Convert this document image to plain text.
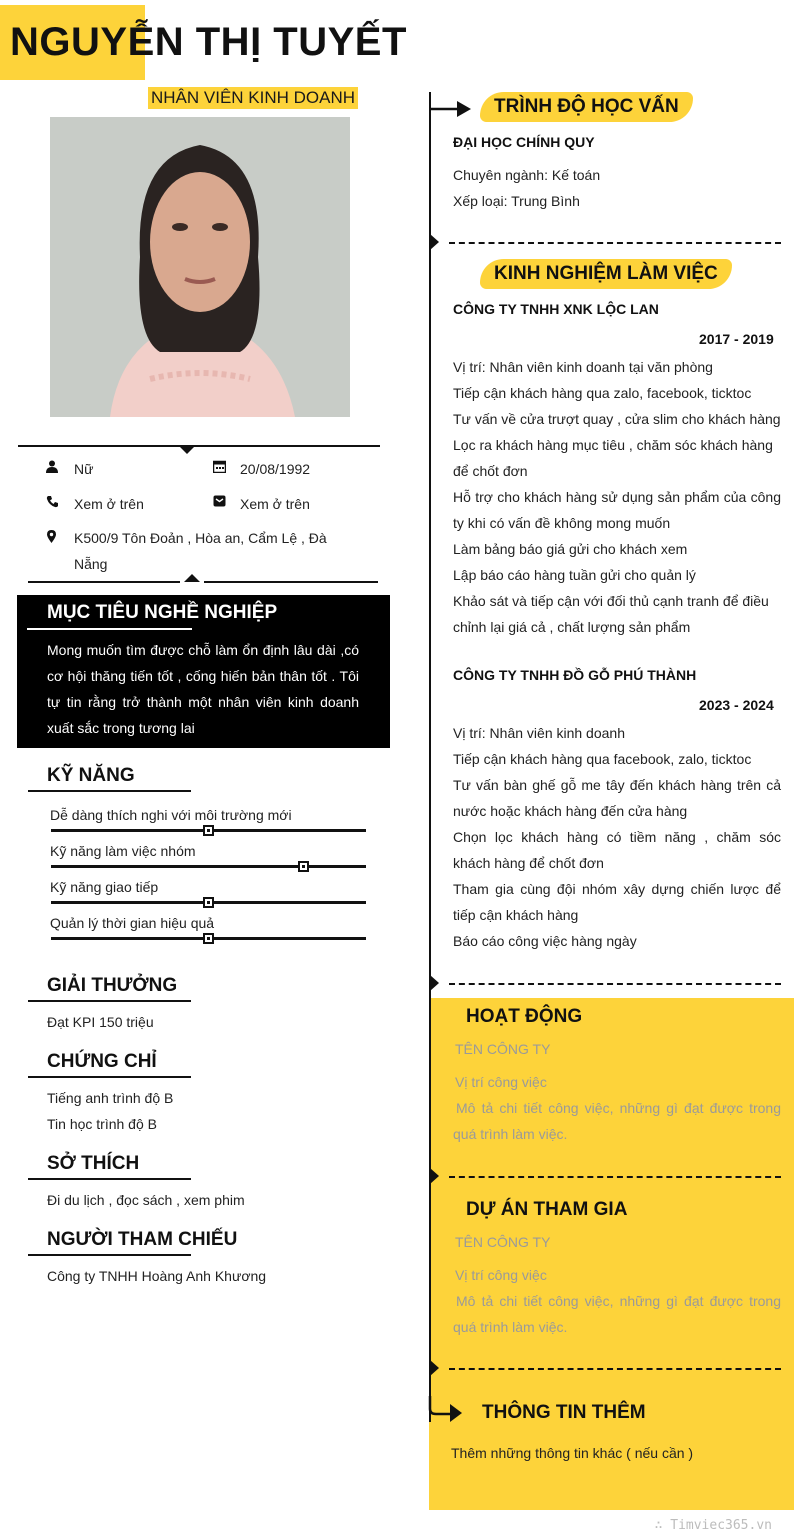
NGUYỄN THỊ TUYẾT
NHÂN VIÊN KINH DOANH
Nữ	20/08/1992
Xem ở trên	Xem ở trên
K500/9 Tôn Đoản , Hòa an, Cẩm Lệ , Đà
Nẵng
MỤC TIÊU NGHỀ NGHIỆP
Mong muốn tìm được chỗ làm ổn định lâu dài ,có cơ hội thăng tiến tốt , cống hiến bản thân tốt . Tôi tự tin rằng trở thành một nhân viên kinh doanh xuất sắc trong tương lai
KỸ NĂNG
Dễ dàng thích nghi với môi trường mới
Kỹ năng làm việc nhóm
Kỹ năng giao tiếp
Quản lý thời gian hiệu quả
GIẢI THƯỞNG
Đạt KPI 150 triệu
CHỨNG CHỈ
Tiếng anh trình độ B
Tin học trình độ B
SỞ THÍCH
Đi du lịch , đọc sách , xem phim
NGƯỜI THAM CHIẾU
Công ty TNHH Hoàng Anh Khương
TRÌNH ĐỘ HỌC VẤN
ĐẠI HỌC CHÍNH QUY
Chuyên ngành: Kế toán
Xếp loại: Trung Bình
KINH NGHIỆM LÀM VIỆC
CÔNG TY TNHH XNK LỘC LAN
2017 - 2019
Vị trí: Nhân viên kinh doanh tại văn phòng
Tiếp cận khách hàng qua zalo, facebook, ticktoc
Tư vấn về cửa trượt quay , cửa slim cho khách hàng
Lọc ra khách hàng mục tiêu , chăm sóc khách hàng để chốt đơn
Hỗ trợ cho khách hàng sử dụng sản phẩm của công ty khi có vấn đề không mong muốn
Làm bảng báo giá gửi cho khách xem
Lập báo cáo hàng tuần gửi cho quản lý
Khảo sát và tiếp cận với đối thủ cạnh tranh để điều chỉnh lại giá cả , chất lượng sản phẩm
CÔNG TY TNHH ĐỒ GỖ PHÚ THÀNH
2023 - 2024
Vị trí: Nhân viên kinh doanh
Tiếp cận khách hàng qua facebook, zalo, ticktoc
Tư vấn bàn ghế gỗ me tây đến khách hàng trên cả nước hoặc khách hàng đến cửa hàng
Chọn lọc khách hàng có tiềm năng , chăm sóc khách hàng để chốt đơn
Tham gia cùng đội nhóm xây dựng chiến lược để tiếp cận khách hàng
Báo cáo công việc hàng ngày
HOẠT ĐỘNG
TÊN CÔNG TY
Vị trí công việc
Mô tả chi tiết công việc, những gì đạt được trong quá trình làm việc.
DỰ ÁN THAM GIA
TÊN CÔNG TY
Vị trí công việc
Mô tả chi tiết công việc, những gì đạt được trong quá trình làm việc.
THÔNG TIN THÊM
Thêm những thông tin khác ( nếu cần )
∴ Timviec365.vn
